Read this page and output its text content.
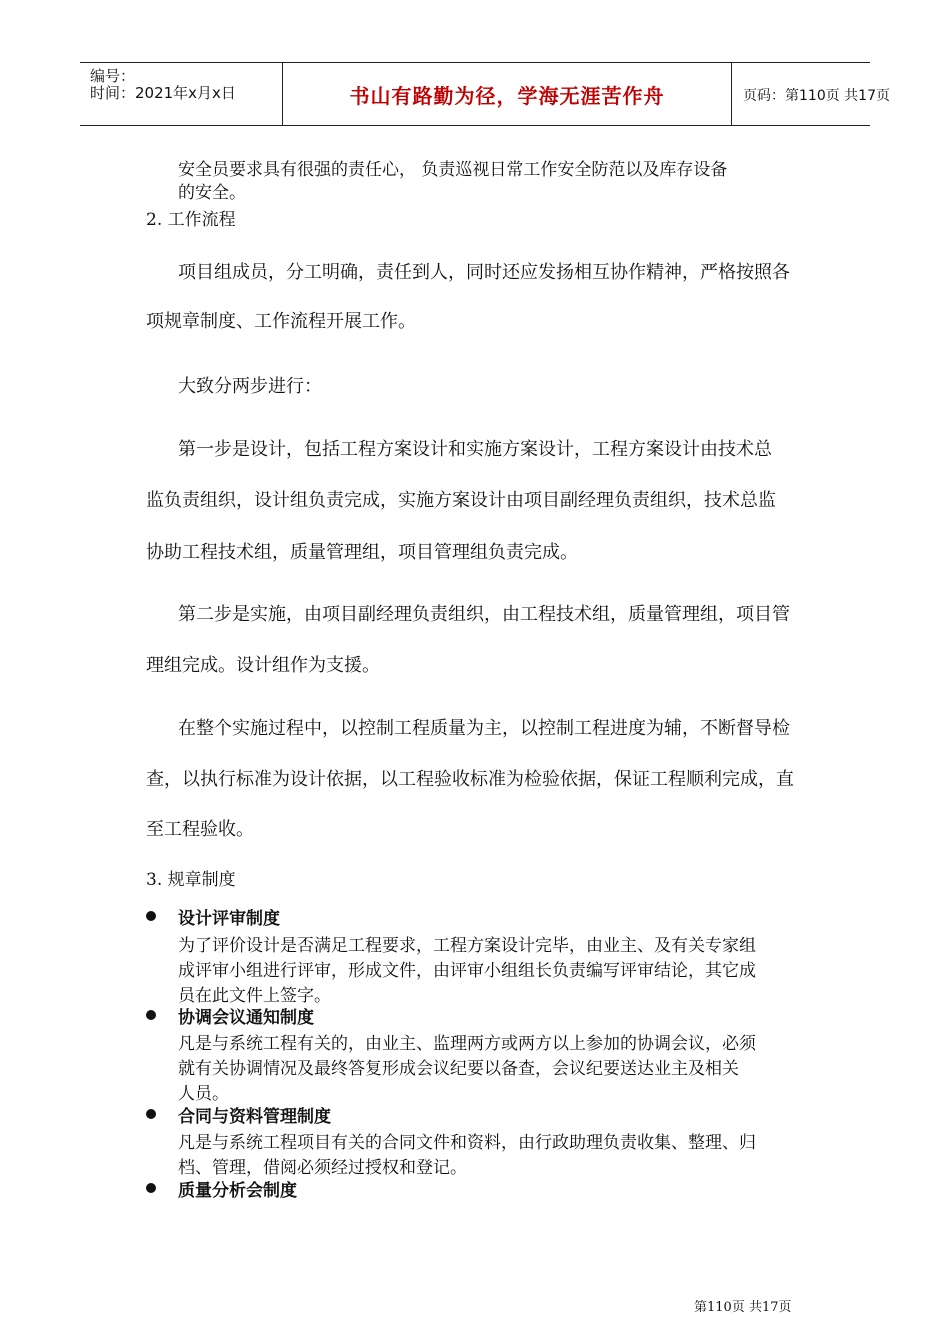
编号：
时间：2021年x月x日	书山有路勤为径，学海无涯苦作舟	页码：第110页 共17页
安全员要求具有很强的责任心， 负责巡视日常工作安全防范以及库存设备
的安全。
2. 工作流程
项目组成员，分工明确，责任到人，同时还应发扬相互协作精神，严格按照各
项规章制度、工作流程开展工作。
大致分两步进行：
第一步是设计，包括工程方案设计和实施方案设计，工程方案设计由技术总
监负责组织，设计组负责完成，实施方案设计由项目副经理负责组织，技术总监
协助工程技术组，质量管理组，项目管理组负责完成。
第二步是实施，由项目副经理负责组织，由工程技术组，质量管理组，项目管
理组完成。设计组作为支援。
在整个实施过程中，以控制工程质量为主，以控制工程进度为辅，不断督导检
查，以执行标准为设计依据，以工程验收标准为检验依据，保证工程顺利完成，直
至工程验收。
3. 规章制度
设计评审制度
为了评价设计是否满足工程要求，工程方案设计完毕，由业主、及有关专家组
成评审小组进行评审，形成文件，由评审小组组长负责编写评审结论，其它成
员在此文件上签字。
协调会议通知制度
凡是与系统工程有关的，由业主、监理两方或两方以上参加的协调会议，必须
就有关协调情况及最终答复形成会议纪要以备查，会议纪要送达业主及相关
人员。
合同与资料管理制度
凡是与系统工程项目有关的合同文件和资料，由行政助理负责收集、整理、归
档、管理，借阅必须经过授权和登记。
质量分析会制度
第110页 共17页
